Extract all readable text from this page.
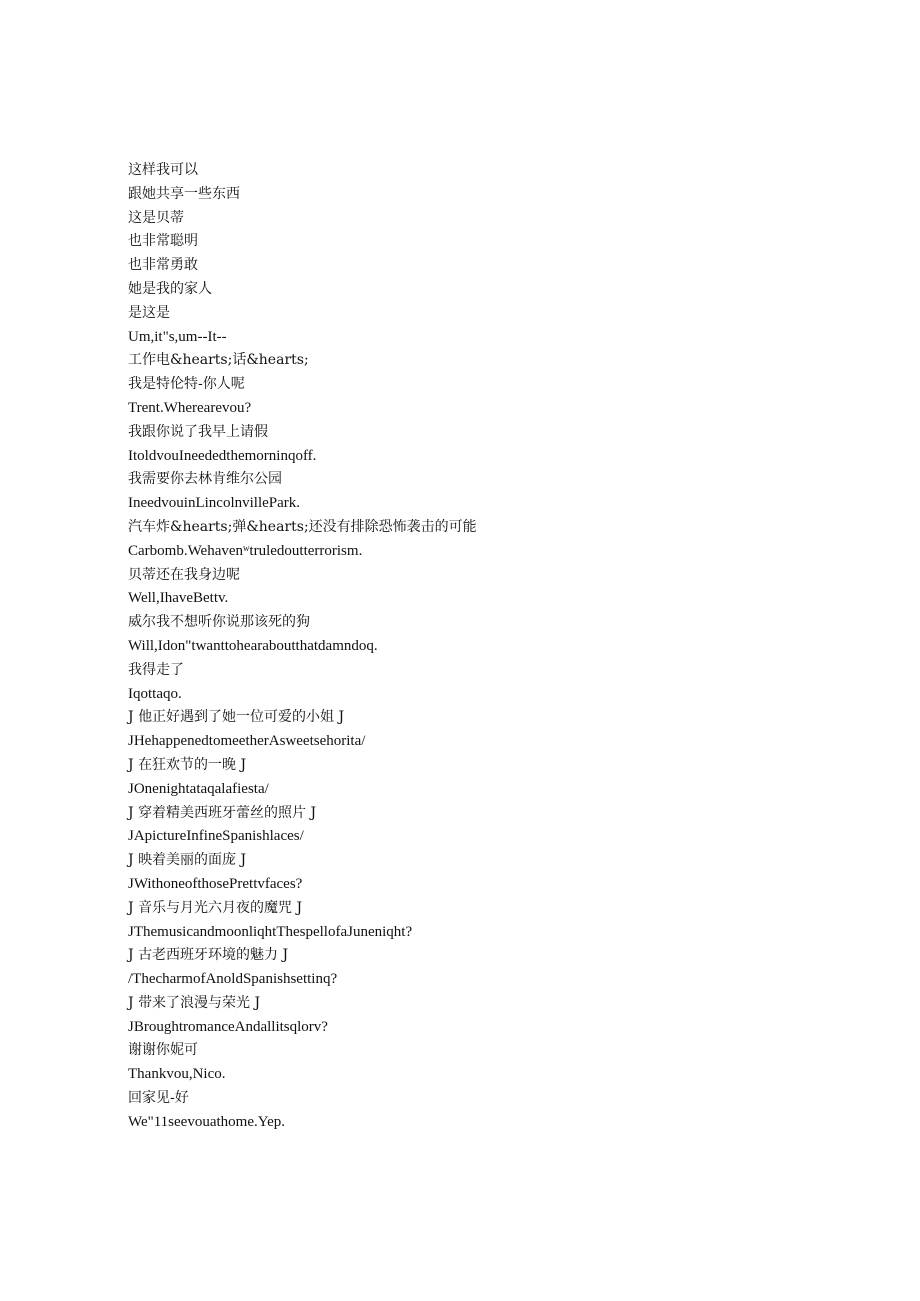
这样我可以
跟她共享一些东西
这是贝蒂
也非常聪明
也非常勇敢
她是我的家人
是这是
Um,it"s,um--It--
工作电&hearts;话&hearts;
我是特伦特-你人呢
Trent.Wherearevou?
我跟你说了我早上请假
ItoldvouIneededthemorninqoff.
我需要你去林肯维尔公园
IneedvouinLincolnvillePark.
汽车炸&hearts;弹&hearts;还没有排除恐怖袭击的可能
Carbomb.Wehavenʷtruledoutterrorism.
贝蒂还在我身边呢
Well,IhaveBettv.
威尔我不想听你说那该死的狗
Will,Idon"twanttohearaboutthatdamndoq.
我得走了
Iqottaqo.
J 他正好遇到了她一位可爱的小姐 J
JHehappenedtomeetherAsweetsehorita/
J 在狂欢节的一晚 J
JOnenightataqalafiesta/
J 穿着精美西班牙蕾丝的照片 J
JApictureInfineSpanishlaces/
J 映着美丽的面庞 J
JWithoneofthosePrettvfaces?
J 音乐与月光六月夜的魔咒 J
JThemusicandmoonliqhtThespellofaJuneniqht?
J 古老西班牙环境的魅力 J
/ThecharmofAnoldSpanishsettinq?
J 带来了浪漫与荣光 J
JBroughtromanceAndallitsqlorv?
谢谢你妮可
Thankvou,Nico.
回家见-好
We"11seevouathome.Yep.
